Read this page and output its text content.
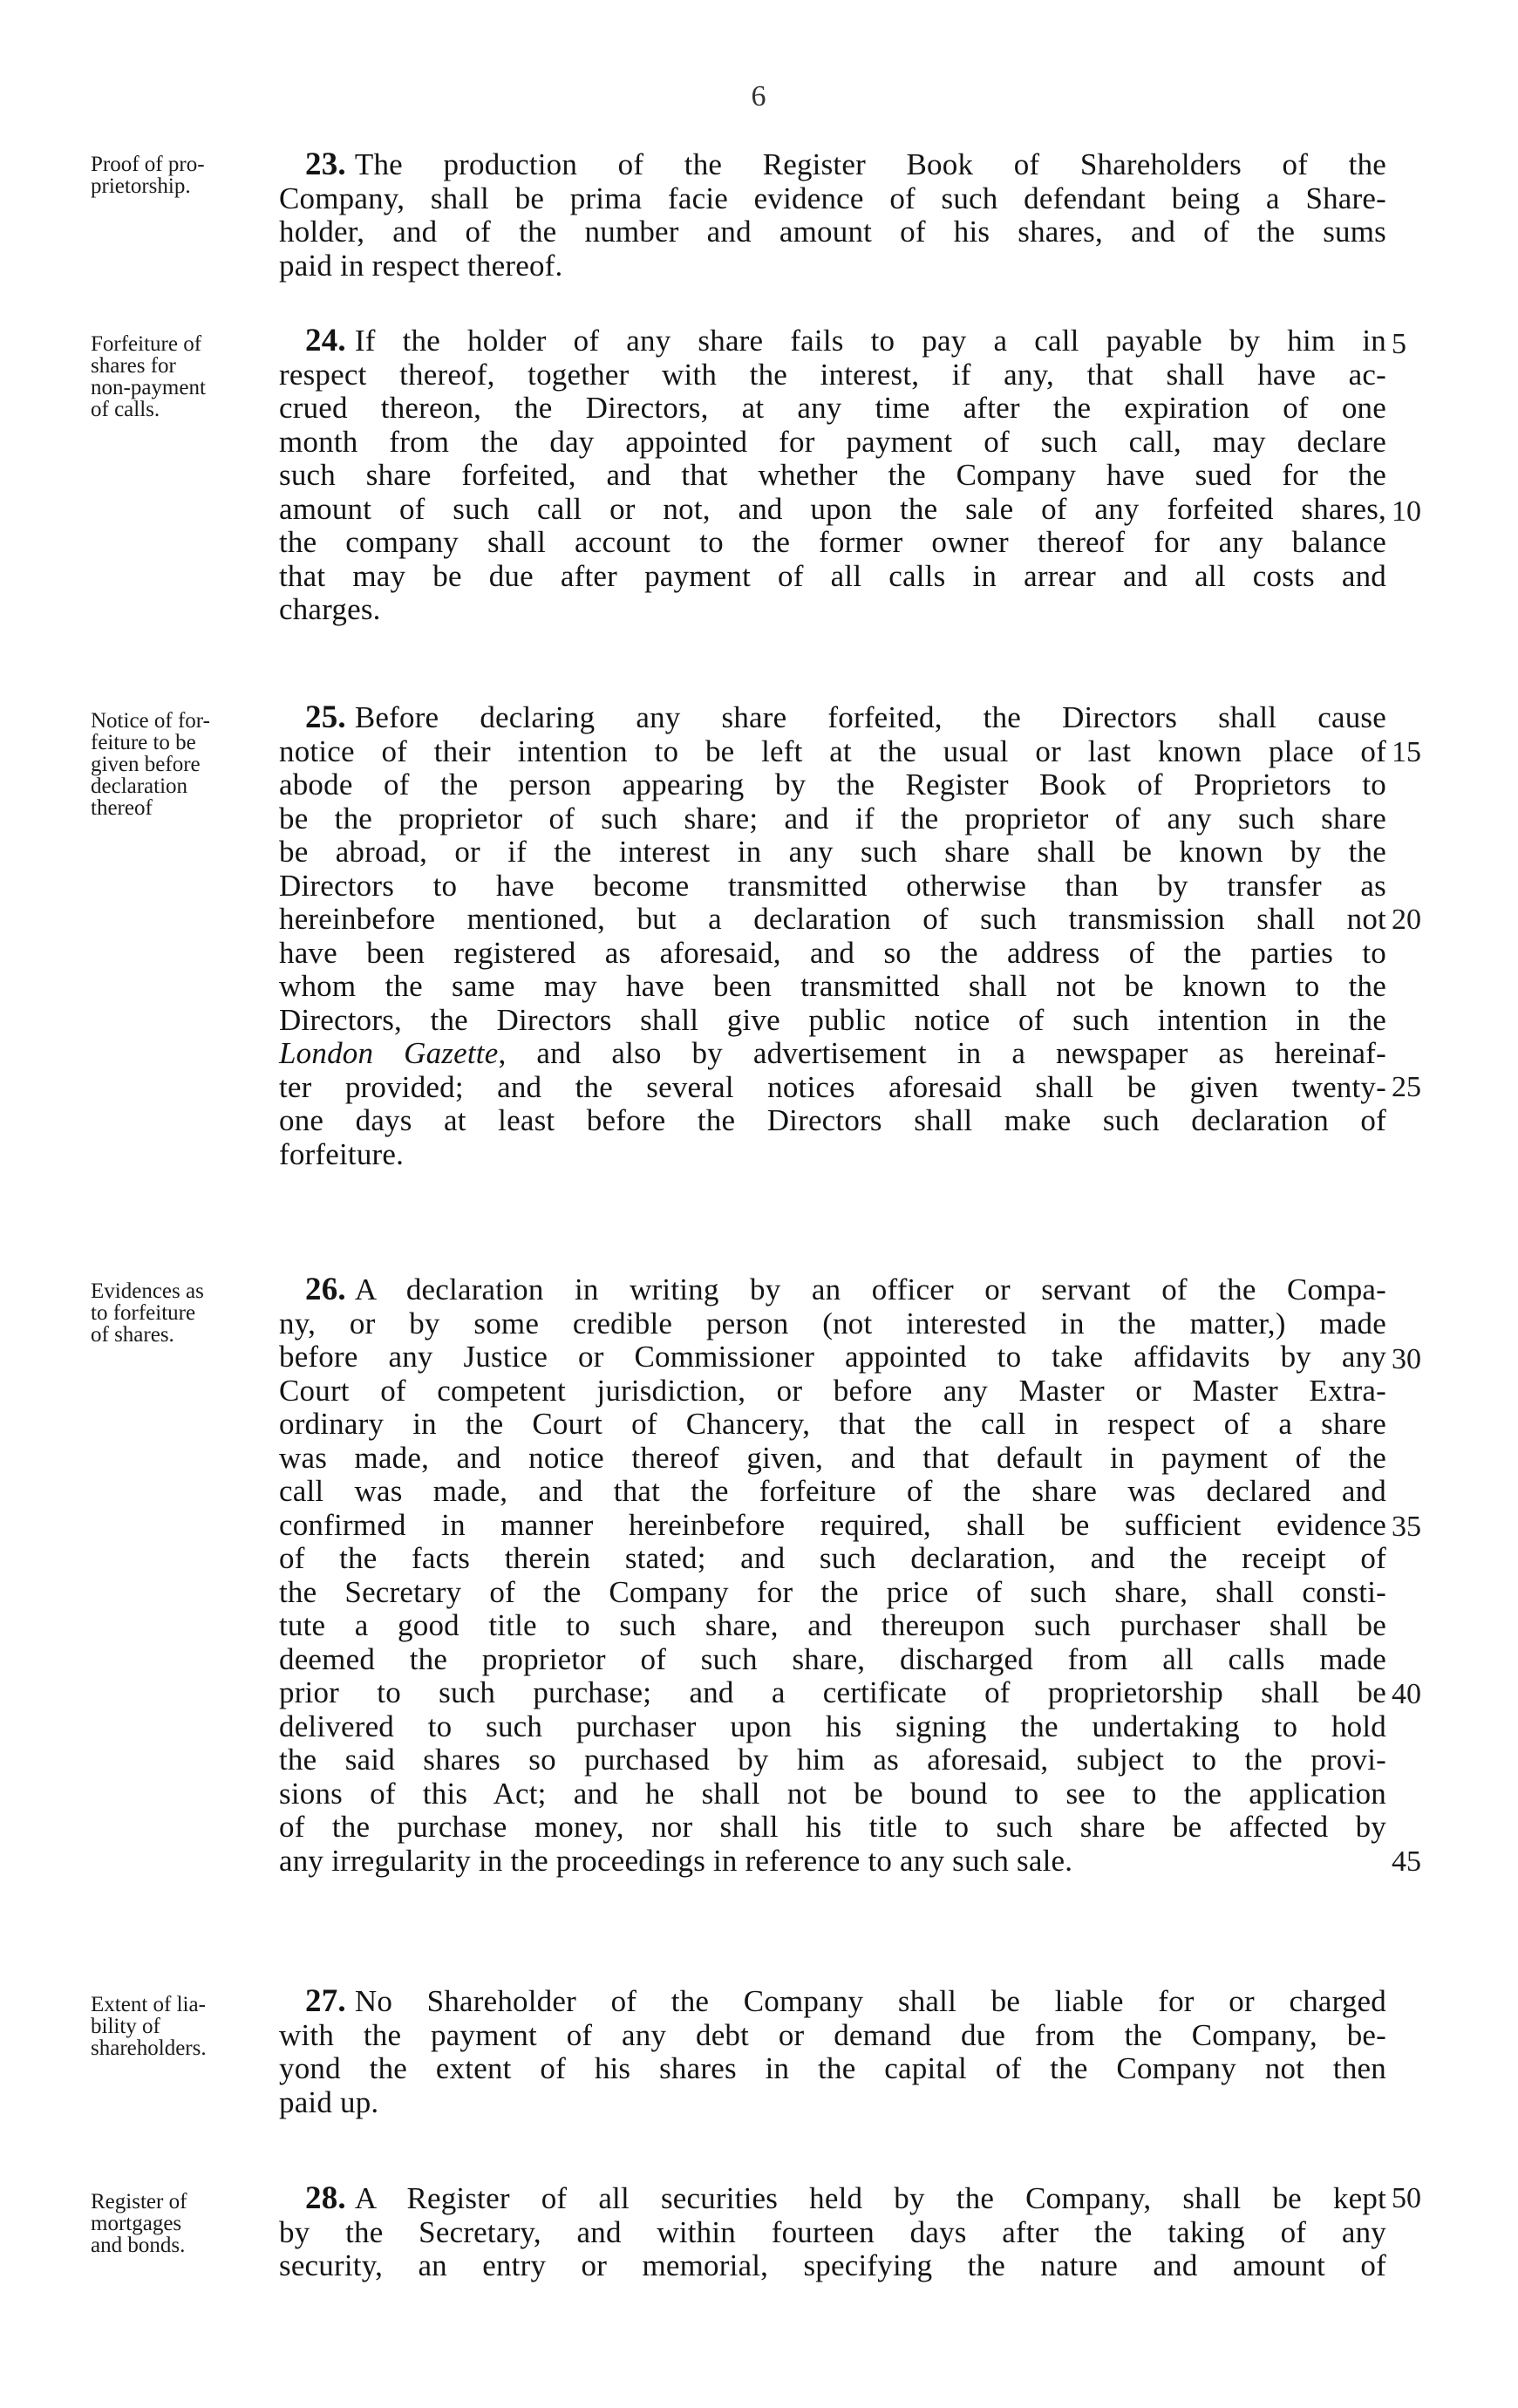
6
Proof of pro-
prietorship.
23. The production of the Register Book of Shareholders of the
Company, shall be prima facie evidence of such defendant being a Share-
holder, and of the number and amount of his shares, and of the sums
paid in respect thereof.
Forfeiture of
shares for
non-payment
of calls.
24. If the holder of any share fails to pay a call payable by him in
respect thereof, together with the interest, if any, that shall have ac-
crued thereon, the Directors, at any time after the expiration of one
month from the day appointed for payment of such call, may declare
such share forfeited, and that whether the Company have sued for the
amount of such call or not, and upon the sale of any forfeited shares,
the company shall account to the former owner thereof for any balance
that may be due after payment of all calls in arrear and all costs and
charges.
Notice of for-
feiture to be
given before
declaration
thereof
25. Before declaring any share forfeited, the Directors shall cause
notice of their intention to be left at the usual or last known place of
abode of the person appearing by the Register Book of Proprietors to
be the proprietor of such share; and if the proprietor of any such share
be abroad, or if the interest in any such share shall be known by the
Directors to have become transmitted otherwise than by transfer as
hereinbefore mentioned, but a declaration of such transmission shall not
have been registered as aforesaid, and so the address of the parties to
whom the same may have been transmitted shall not be known to the
Directors, the Directors shall give public notice of such intention in the
London Gazette, and also by advertisement in a newspaper as hereinaf-
ter provided; and the several notices aforesaid shall be given twenty-
one days at least before the Directors shall make such declaration of
forfeiture.
Evidences as
to forfeiture
of shares.
26. A declaration in writing by an officer or servant of the Compa-
ny, or by some credible person (not interested in the matter,) made
before any Justice or Commissioner appointed to take affidavits by any
Court of competent jurisdiction, or before any Master or Master Extra-
ordinary in the Court of Chancery, that the call in respect of a share
was made, and notice thereof given, and that default in payment of the
call was made, and that the forfeiture of the share was declared and
confirmed in manner hereinbefore required, shall be sufficient evidence
of the facts therein stated; and such declaration, and the receipt of
the Secretary of the Company for the price of such share, shall consti-
tute a good title to such share, and thereupon such purchaser shall be
deemed the proprietor of such share, discharged from all calls made
prior to such purchase; and a certificate of proprietorship shall be
delivered to such purchaser upon his signing the undertaking to hold
the said shares so purchased by him as aforesaid, subject to the provi-
sions of this Act; and he shall not be bound to see to the application
of the purchase money, nor shall his title to such share be affected by
any irregularity in the proceedings in reference to any such sale.
Extent of lia-
bility of
shareholders.
27. No Shareholder of the Company shall be liable for or charged
with the payment of any debt or demand due from the Company, be-
yond the extent of his shares in the capital of the Company not then
paid up.
Register of
mortgages
and bonds.
28. A Register of all securities held by the Company, shall be kept
by the Secretary, and within fourteen days after the taking of any
security, an entry or memorial, specifying the nature and amount of
5
10
15
20
25
30
35
40
45
50
